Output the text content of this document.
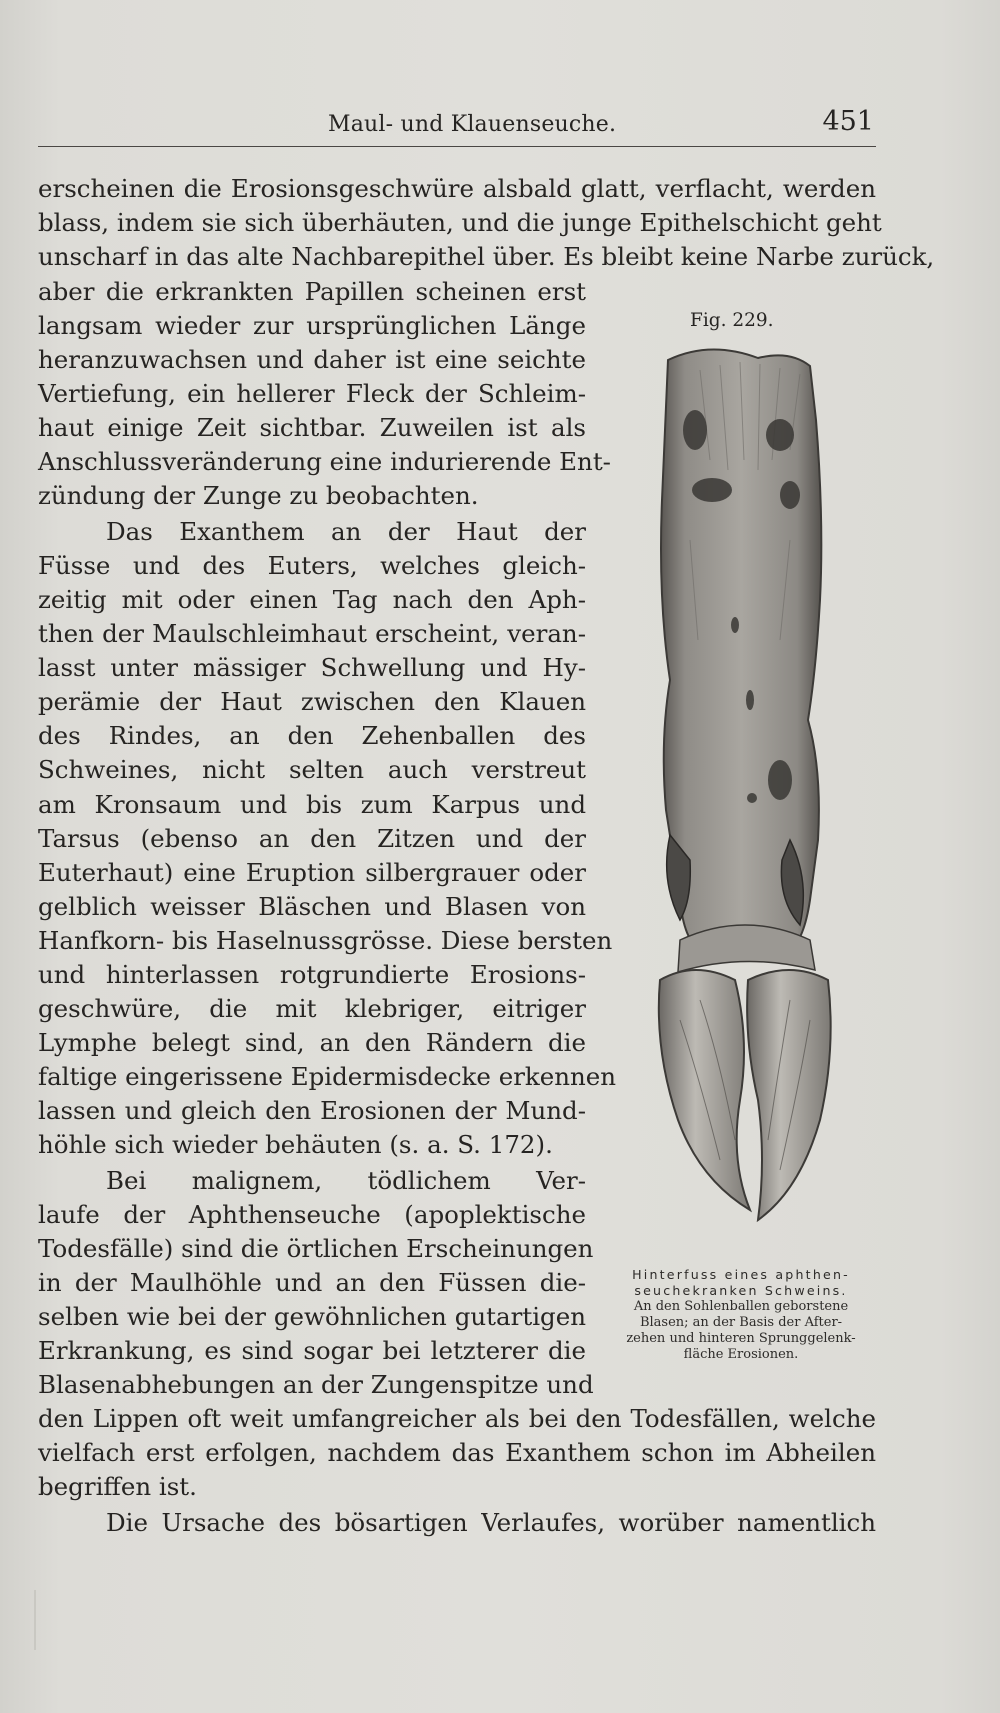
Maul- und Klauenseuche.	451
erscheinen die Erosionsgeschwüre alsbald glatt, verflacht, werden
blass, indem sie sich überhäuten, und die junge Epithelschicht geht
unscharf in das alte Nachbarepithel über. Es bleibt keine Narbe zurück,
aber die erkrankten Papillen scheinen erst
langsam wieder zur ursprünglichen Länge
heranzuwachsen und daher ist eine seichte
Vertiefung, ein hellerer Fleck der Schleim-
haut einige Zeit sichtbar. Zuweilen ist als
Anschlussveränderung eine indurierende Ent-
zündung der Zunge zu beobachten.
Das Exanthem an der Haut der
Füsse und des Euters, welches gleich-
zeitig mit oder einen Tag nach den Aph-
then der Maulschleimhaut erscheint, veran-
lasst unter mässiger Schwellung und Hy-
perämie der Haut zwischen den Klauen
des Rindes, an den Zehenballen des
Schweines, nicht selten auch verstreut
am Kronsaum und bis zum Karpus und
Tarsus (ebenso an den Zitzen und der
Euterhaut) eine Eruption silbergrauer oder
gelblich weisser Bläschen und Blasen von
Hanfkorn- bis Haselnussgrösse. Diese bersten
und hinterlassen rotgrundierte Erosions-
geschwüre, die mit klebriger, eitriger
Lymphe belegt sind, an den Rändern die
faltige eingerissene Epidermisdecke erkennen
lassen und gleich den Erosionen der Mund-
höhle sich wieder behäuten (s. a. S. 172).
Bei malignem, tödlichem Ver-
laufe der Aphthenseuche (apoplektische
Todesfälle) sind die örtlichen Erscheinungen
in der Maulhöhle und an den Füssen die-
selben wie bei der gewöhnlichen gutartigen
Erkrankung, es sind sogar bei letzterer die
Blasenabhebungen an der Zungenspitze und
den Lippen oft weit umfangreicher als bei den Todesfällen, welche
vielfach erst erfolgen, nachdem das Exanthem schon im Abheilen
begriffen ist.
Die Ursache des bösartigen Verlaufes, worüber namentlich
Fig. 229.
Hinterfuss eines aphthen-
seuchekranken Schweins.
An den Sohlenballen geborstene
Blasen; an der Basis der After-
zehen und hinteren Sprunggelenk-
fläche Erosionen.
